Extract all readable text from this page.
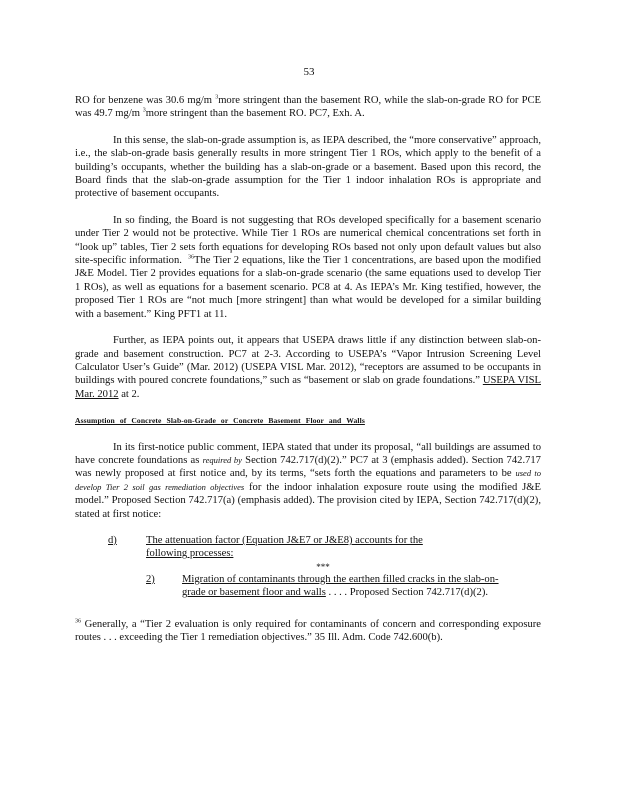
53

RO for benzene was 30.6 mg/m $^3$more stringent than the basement RO, while the slab-on-grade RO for PCE was 49.7 mg/m $^3$more stringent than the basement RO. PC7, Exh. A.

In this sense, the slab-on-grade assumption is, as IEPA described, the “more conservative” approach, i.e., the slab-on-grade basis generally results in more stringent Tier 1 ROs, which apply to the benefit of a building’s occupants, whether the building has a slab-on-grade or a basement. Based upon this record, the Board finds that the slab-on-grade assumption for the Tier 1 indoor inhalation ROs is appropriate and protective of basement occupants.

In so finding, the Board is not suggesting that ROs developed specifically for a basement scenario under Tier 2 would not be protective. While Tier 1 ROs are numerical chemical concentrations set forth in “look up” tables, Tier 2 sets forth equations for developing ROs based not only upon default values but also site-specific information. $^{36}$The Tier 2 equations, like the Tier 1 concentrations, are based upon the modified J&E Model. Tier 2 provides equations for a slab-on-grade scenario (the same equations used to develop Tier 1 ROs), as well as equations for a basement scenario. PC8 at 4. As IEPA’s Mr. King testified, however, the proposed Tier 1 ROs are “not much [more stringent] than what would be developed for a similar building with a basement.” King PFT1 at 11.

Further, as IEPA points out, it appears that USEPA draws little if any distinction between slab-on-grade and basement construction. PC7 at 2-3. According to USEPA’s “Vapor Intrusion Screening Level Calculator User’s Guide” (Mar. 2012) (USEPA VISL Mar. 2012), “receptors are assumed to be occupants in buildings with poured concrete foundations,” such as “basement or slab on grade foundations.” USEPA VISL Mar. 2012 at 2.

Assumption of Concrete Slab-on-Grade or Concrete Basement Floor and Walls

In its first-notice public comment, IEPA stated that under its proposal, “all buildings are assumed to have concrete foundations as required by Section 742.717(d)(2).” PC7 at 3 (emphasis added). Section 742.717 was newly proposed at first notice and, by its terms, “sets forth the equations and parameters to be used to develop Tier 2 soil gas remediation objectives for the indoor inhalation exposure route using the modified J&E model.” Proposed Section 742.717(a) (emphasis added). The provision cited by IEPA, Section 742.717(d)(2), stated at first notice:

d)	The attenuation factor (Equation J&E7 or J&E8) accounts for the following processes:
***
2)	Migration of contaminants through the earthen filled cracks in the slab-on-grade or basement floor and walls . . . . Proposed Section 742.717(d)(2).

$^{36}$ Generally, a “Tier 2 evaluation is only required for contaminants of concern and corresponding exposure routes . . . exceeding the Tier 1 remediation objectives.” 35 Ill. Adm. Code 742.600(b).
